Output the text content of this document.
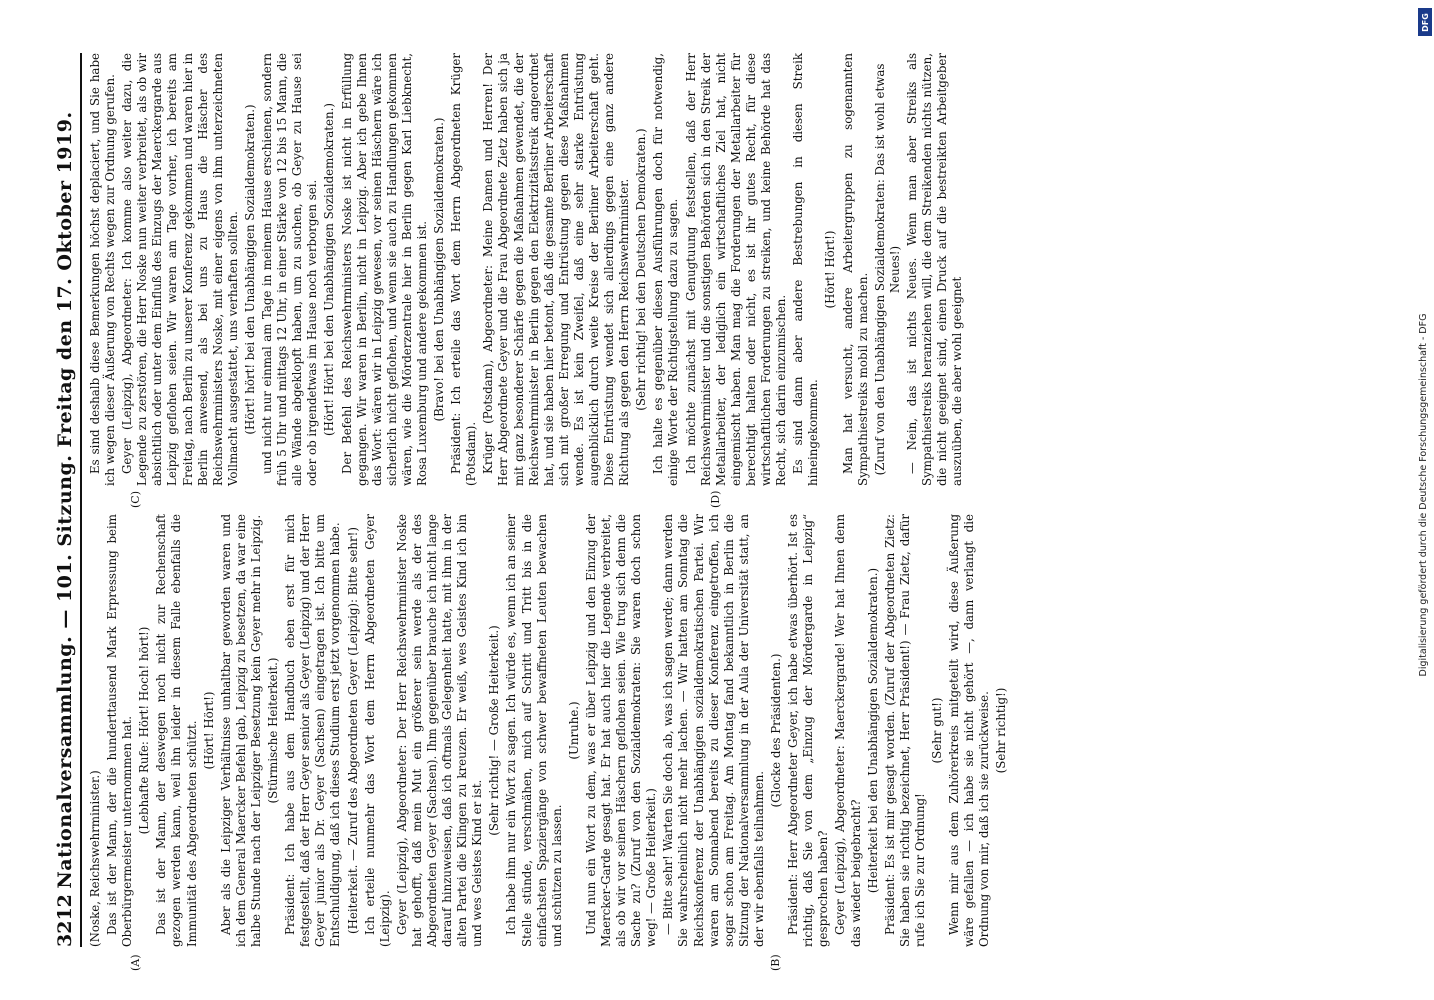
3212
Nationalversammlung. — 101. Sitzung. Freitag den 17. Oktober 1919.
(A)	(B)

(Noske, Reichswehrminister.) Das ist der Mann, der die hunderttausend Mark Erpressung beim Oberbürgermeister unternommen hat. (Lebhafte Rufe: Hört! Hoch! hört!) Das ist der Mann, der deswegen noch nicht zur Rechenschaft gezogen werden kann, weil ihn leider in diesem Falle ebenfalls die Immunität des Abgeordneten schützt. (Hört! Hört!) Aber als die Leipziger Verhältnisse unhaltbar geworden waren und ich dem General Maercker Befehl gab, Leipzig zu besetzen, da war eine halbe Stunde nach der Leipziger Besetzung kein Geyer mehr in Leipzig. (Stürmische Heiterkeit.) Präsident: Ich habe aus dem Handbuch eben erst für mich festgestellt, daß der Herr Geyer senior als Geyer (Leipzig) und der Herr Geyer junior als Dr. Geyer (Sachsen) eingetragen ist. Ich bitte um Entschuldigung, daß ich dieses Studium erst jetzt vorgenommen habe. (Heiterkeit. — Zuruf des Abgeordneten Geyer (Leipzig): Bitte sehr!) Ich erteile nunmehr das Wort dem Herrn Abgeordneten Geyer (Leipzig). Geyer (Leipzig), Abgeordneter: Der Herr Reichswehrminister Noske hat gehofft, daß mein Mut ein größerer sein werde als der des Abgeordneten Geyer (Sachsen). Ihm gegenüber brauche ich nicht lange darauf hinzuweisen, daß ich oftmals Gelegenheit hatte, mit ihm in der alten Partei die Klingen zu kreuzen. Er weiß, wes Geistes Kind ich bin und wes Geistes Kind er ist.

(Sehr richtig! — Große Heiterkeit.) Ich habe ihm nur ein Wort zu sagen. Ich würde es, wenn ich an seiner Stelle stünde, verschmähen, mich auf Schritt und Tritt bis in die einfachsten Spaziergänge von schwer bewaffneten Leuten bewachen und schützen zu lassen.

(Unruhe.) Und nun ein Wort zu dem, was er über Leipzig und den Einzug der Maercker-Garde gesagt hat. Er hat auch hier die Legende verbreitet, als ob wir vor seinen Häschern geflohen seien. Wie trug sich denn die Sache zu? (Zuruf von den Sozialdemokraten: Sie waren doch schon weg! — Große Heiterkeit.) — Bitte sehr! Warten Sie doch ab, was ich sagen werde; dann werden Sie wahrscheinlich nicht mehr lachen. — Wir hatten am Sonntag die Reichskonferenz der Unabhängigen sozialdemokratischen Partei. Wir waren am Sonnabend bereits zu dieser Konferenz eingetroffen, ich sogar schon am Freitag. Am Montag fand bekanntlich in Berlin die Sitzung der Nationalversammlung in der Aula der Universität statt, an der wir ebenfalls teilnahmen.

(Glocke des Präsidenten.) Präsident: Herr Abgeordneter Geyer, ich habe etwas überhört. Ist es richtig, daß Sie von dem „Einzug der Mördergarde in Leipzig“ gesprochen haben? Geyer (Leipzig), Abgeordneter: Maerckergarde! Wer hat Ihnen denn das wieder beigebracht? (Heiterkeit bei den Unabhängigen Sozialdemokraten.) Präsident: Es ist mir gesagt worden. (Zuruf der Abgeordneten Zietz: Sie haben sie richtig bezeichnet, Herr Präsident!) — Frau Zietz, dafür rufe ich Sie zur Ordnung!

(Sehr gut!) Wenn mir aus dem Zuhörerkreis mitgeteilt wird, diese Äußerung wäre gefallen — ich habe sie nicht gehört —, dann verlangt die Ordnung von mir, daß ich sie zurückweise. (Sehr richtig!)

(C)	(D)

Es sind deshalb diese Bemerkungen höchst deplaciert, und Sie habe ich wegen dieser Äußerung von Rechts wegen zur Ordnung gerufen. Geyer (Leipzig), Abgeordneter: Ich komme also weiter dazu, die Legende zu zerstören, die Herr Noske nun weiter verbreitet, als ob wir absichtlich oder unter dem Einfluß des Einzugs der Maerckergarde aus Leipzig geflohen seien. Wir waren am Tage vorher, ich bereits am Freitag, nach Berlin zu unserer Konferenz gekommen und waren hier in Berlin anwesend, als bei uns zu Haus die Häscher des Reichswehrministers Noske, mit einer eigens von ihm unterzeichneten Vollmacht ausgestattet, uns verhaften sollten. (Hört! hört! bei den Unabhängigen Sozialdemokraten.) und nicht nur einmal am Tage in meinem Hause erschienen, sondern früh 5 Uhr und mittags 12 Uhr, in einer Stärke von 12 bis 15 Mann, die alle Wände abgeklopft haben, um zu suchen, ob Geyer zu Hause sei oder ob irgendetwas im Hause noch verborgen sei. (Hört! Hört! bei den Unabhängigen Sozialdemokraten.) Der Befehl des Reichswehrministers Noske ist nicht in Erfüllung gegangen. Wir waren in Berlin, nicht in Leipzig. Aber ich gebe Ihnen das Wort: wären wir in Leipzig gewesen, vor seinen Häschern wäre ich sicherlich nicht geflohen, und wenn sie auch zu Handlungen gekommen wären, wie die Mörderzentrale hier in Berlin gegen Karl Liebknecht, Rosa Luxemburg und andere gekommen ist. (Bravo! bei den Unabhängigen Sozialdemokraten.) Präsident: Ich erteile das Wort dem Herrn Abgeordneten Krüger (Potsdam). Krüger (Potsdam), Abgeordneter: Meine Damen und Herren! Der Herr Abgeordnete Geyer und die Frau Abgeordnete Zietz haben sich ja mit ganz besonderer Schärfe gegen die Maßnahmen gewendet, die der Reichswehrminister in Berlin gegen den Elektrizitätsstreik angeordnet hat, und sie haben hier betont, daß die gesamte Berliner Arbeiterschaft sich mit großer Erregung und Entrüstung gegen diese Maßnahmen wende. Es ist kein Zweifel, daß eine sehr starke Entrüstung augenblicklich durch weite Kreise der Berliner Arbeiterschaft geht. Diese Entrüstung wendet sich allerdings gegen eine ganz andere Richtung als gegen den Herrn Reichswehrminister. (Sehr richtig! bei den Deutschen Demokraten.) Ich halte es gegenüber diesen Ausführungen doch für notwendig, einige Worte der Richtigstellung dazu zu sagen. Ich möchte zunächst mit Genugtuung feststellen, daß der Herr Reichswehrminister und die sonstigen Behörden sich in den Streik der Metallarbeiter, der lediglich ein wirtschaftliches Ziel hat, nicht eingemischt haben. Man mag die Forderungen der Metallarbeiter für berechtigt halten oder nicht, es ist ihr gutes Recht, für diese wirtschaftlichen Forderungen zu streiken, und keine Behörde hat das Recht, sich darin einzumischen. Es sind dann aber andere Bestrebungen in diesen Streik hineingekommen.

(Hört! Hört!) Man hat versucht, andere Arbeitergruppen zu sogenannten Sympathiestreiks mobil zu machen. (Zuruf von den Unabhängigen Sozialdemokraten: Das ist wohl etwas Neues!) — Nein, das ist nichts Neues. Wenn man aber Streiks als Sympathiestreiks heranziehen will, die dem Streikenden nichts nützen, die nicht geeignet sind, einen Druck auf die bestreikten Arbeitgeber auszuüben, die aber wohl geeignet	Digitalisierung gefördert durch die Deutsche Forschungsgemeinschaft - DFG
DFG
